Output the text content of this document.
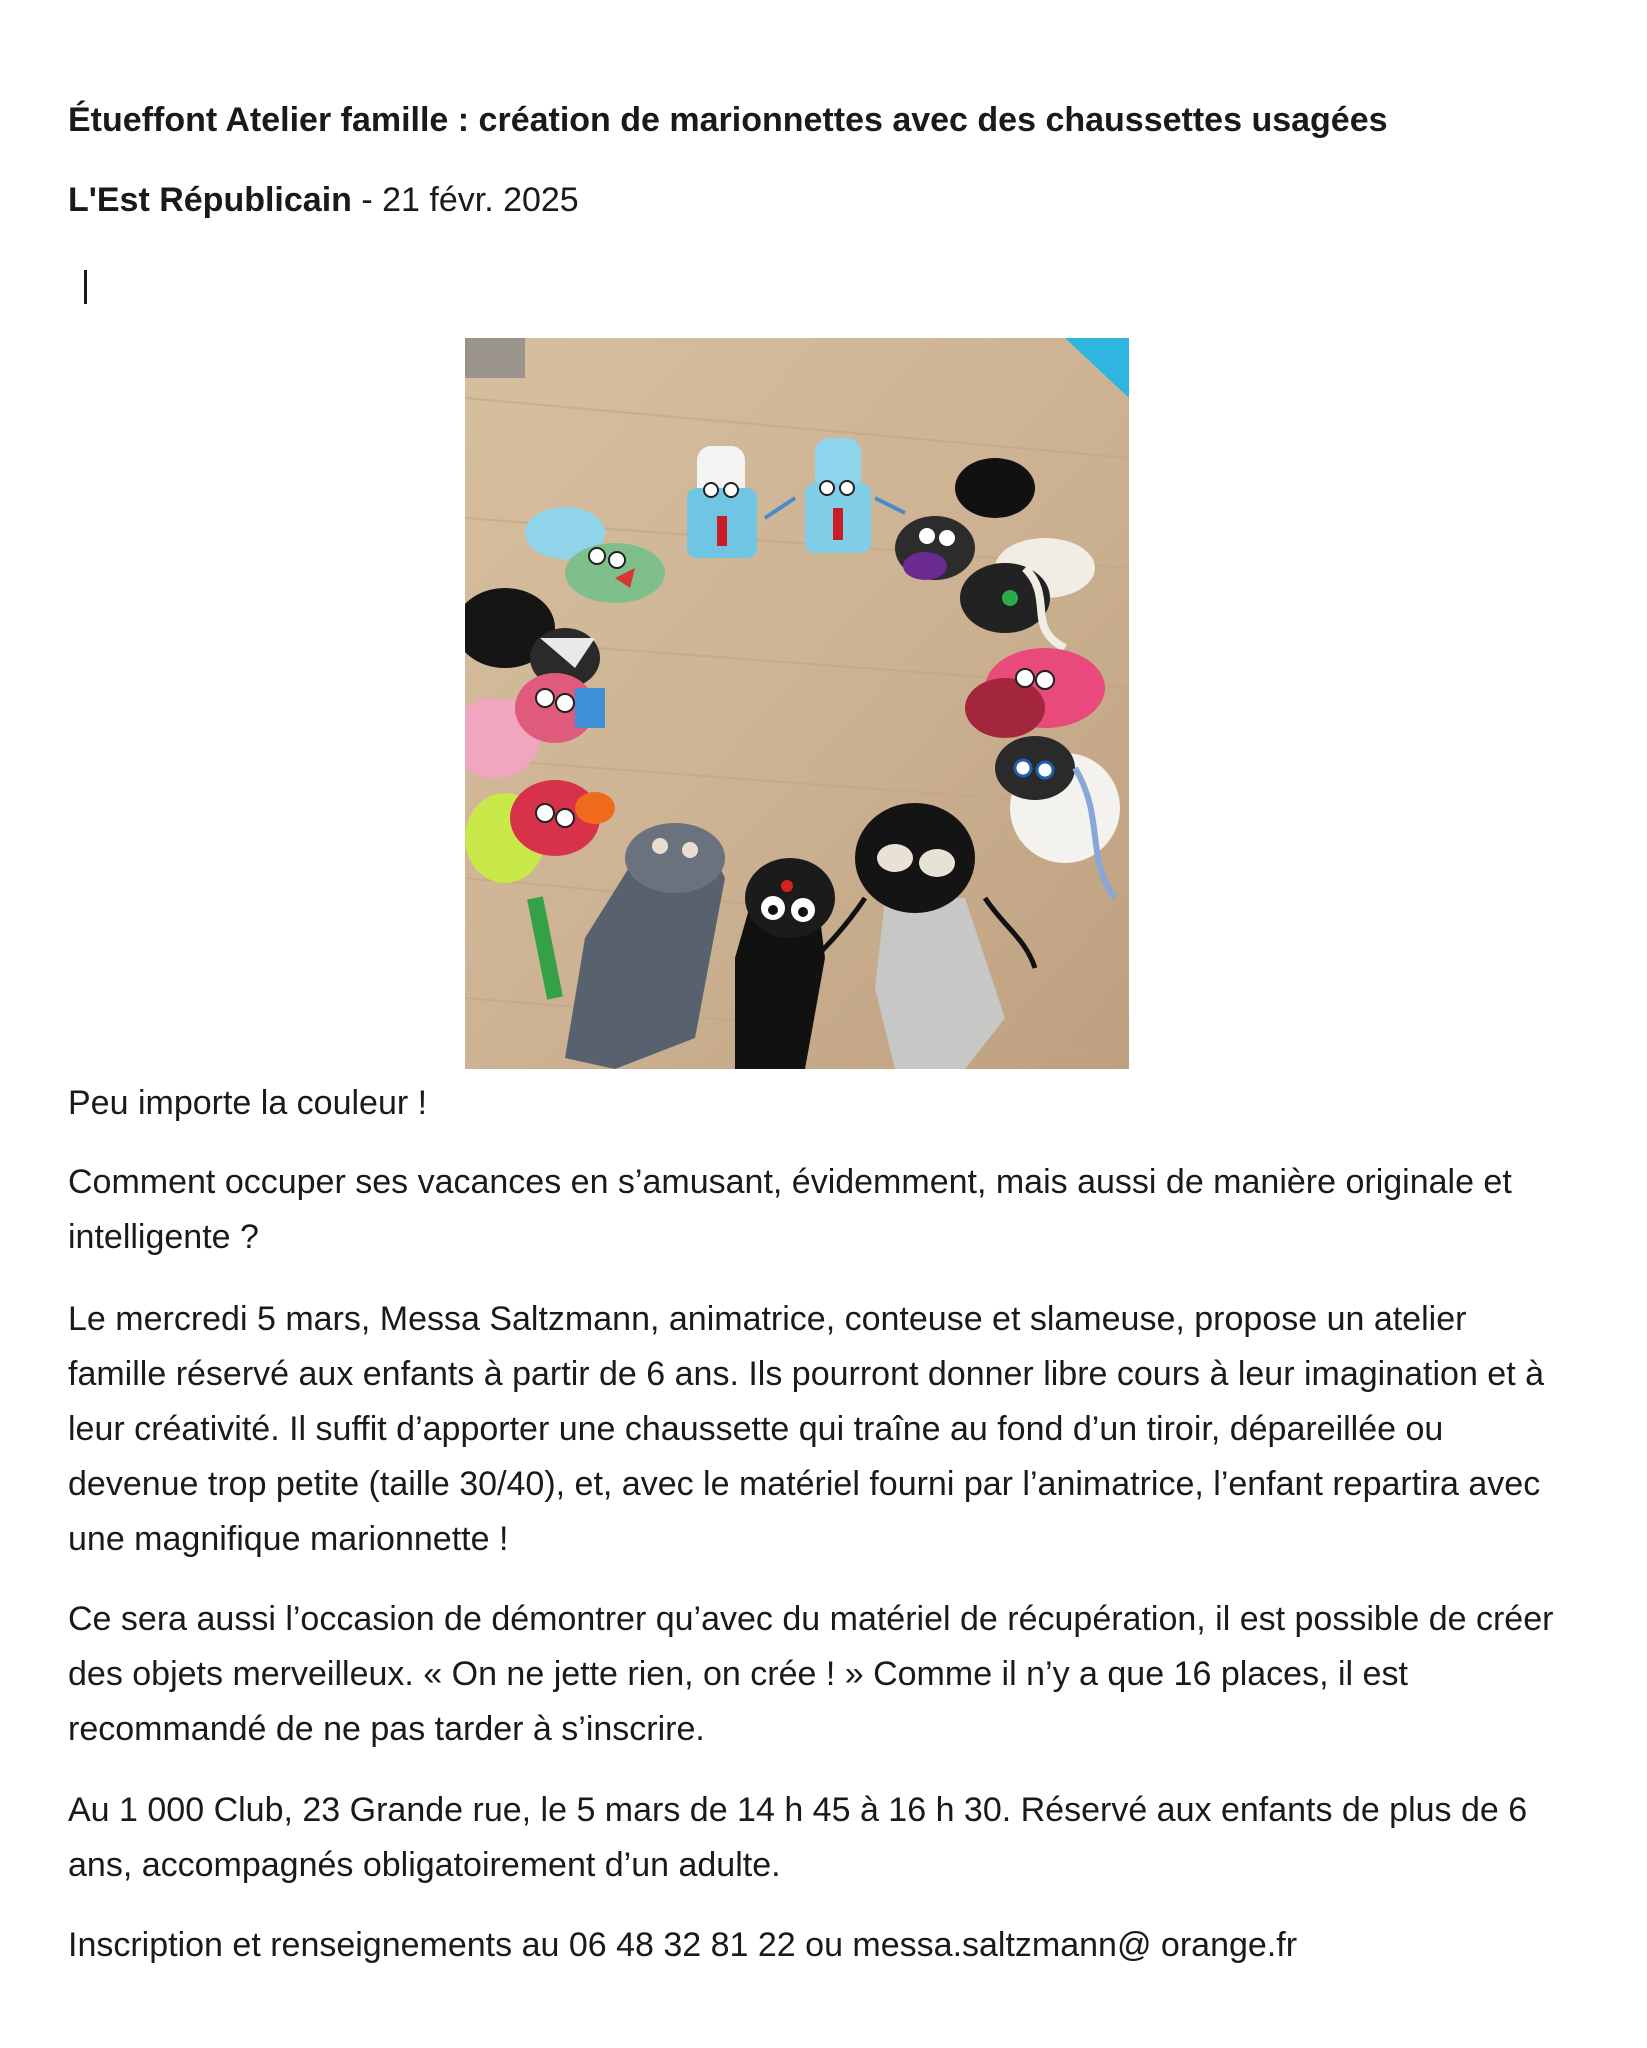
Étueffont Atelier famille : création de marionnettes avec des chaussettes usagées

L'Est Républicain - 21 févr. 2025

Peu importe la couleur !

Comment occuper ses vacances en s’amusant, évidemment, mais aussi de manière originale et intelligente ?

Le mercredi 5 mars, Messa Saltzmann, animatrice, conteuse et slameuse, propose un atelier famille réservé aux enfants à partir de 6 ans. Ils pourront donner libre cours à leur imagination et à leur créativité. Il suffit d’apporter une chaussette qui traîne au fond d’un tiroir, dépareillée ou devenue trop petite (taille 30/40), et, avec le matériel fourni par l’animatrice, l’enfant repartira avec une magnifique marionnette !

Ce sera aussi l’occasion de démontrer qu’avec du matériel de récupération, il est possible de créer des objets merveilleux. « On ne jette rien, on crée ! » Comme il n’y a que 16 places, il est recommandé de ne pas tarder à s’inscrire.

Au 1 000 Club, 23 Grande rue, le 5 mars de 14 h 45 à 16 h 30. Réservé aux enfants de plus de 6 ans, accompagnés obligatoirement d’un adulte.

Inscription et renseignements au 06 48 32 81 22 ou messa.saltzmann@ orange.fr
